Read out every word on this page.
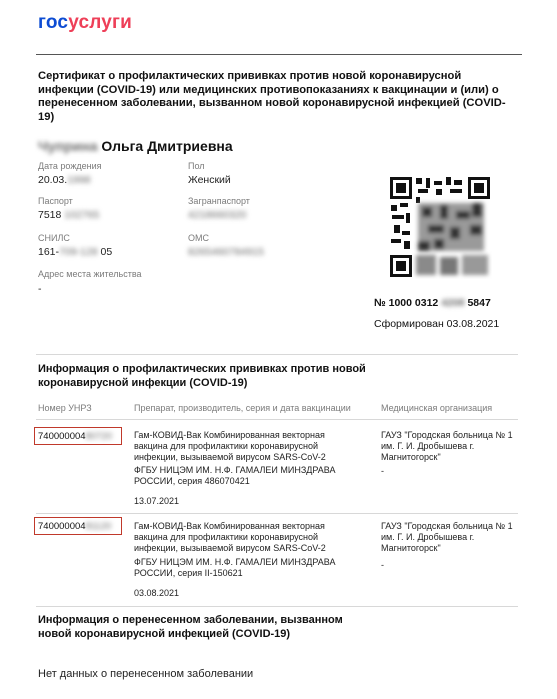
госуслуги
Сертификат о профилактических прививках против новой коронавирусной инфекции (COVID-19) или медицинских противопоказаниях к вакцинации и (или) о перенесенном заболевании, вызванном новой коронавирусной инфекцией (COVID-19)
Чуприна Ольга Дмитриевна
Дата рождения
20.03.1998
Пол
Женский
Паспорт
7518 102765
Загранпаспорт
4218660320
СНИЛС
161-709-128 05
ОМС
8265460784915
Адрес места жительства
-
№ 1000 0312 4208 5847
Сформирован 03.08.2021
Информация о профилактических прививках против новой коронавирусной инфекции (COVID-19)
Номер УНРЗ	Препарат, производитель, серия и дата вакцинации	Медицинская организация
74000000480720	Гам-КОВИД-Вак Комбинированная векторная вакцина для профилактики коронавирусной инфекции, вызываемой вирусом SARS-CoV-2
ФГБУ НИЦЭМ ИМ. Н.Ф. ГАМАЛЕИ МИНЗДРАВА РОССИИ, серия 486070421
13.07.2021
ГАУЗ "Городская больница № 1 им. Г. И. Дробышева г. Магнитогорск"
-
74000000481120	Гам-КОВИД-Вак Комбинированная векторная вакцина для профилактики коронавирусной инфекции, вызываемой вирусом SARS-CoV-2
ФГБУ НИЦЭМ ИМ. Н.Ф. ГАМАЛЕИ МИНЗДРАВА РОССИИ, серия II-150621
03.08.2021
ГАУЗ "Городская больница № 1 им. Г. И. Дробышева г. Магнитогорск"
-
Информация о перенесенном заболевании, вызванном новой коронавирусной инфекцией (COVID-19)
Нет данных о перенесенном заболевании
